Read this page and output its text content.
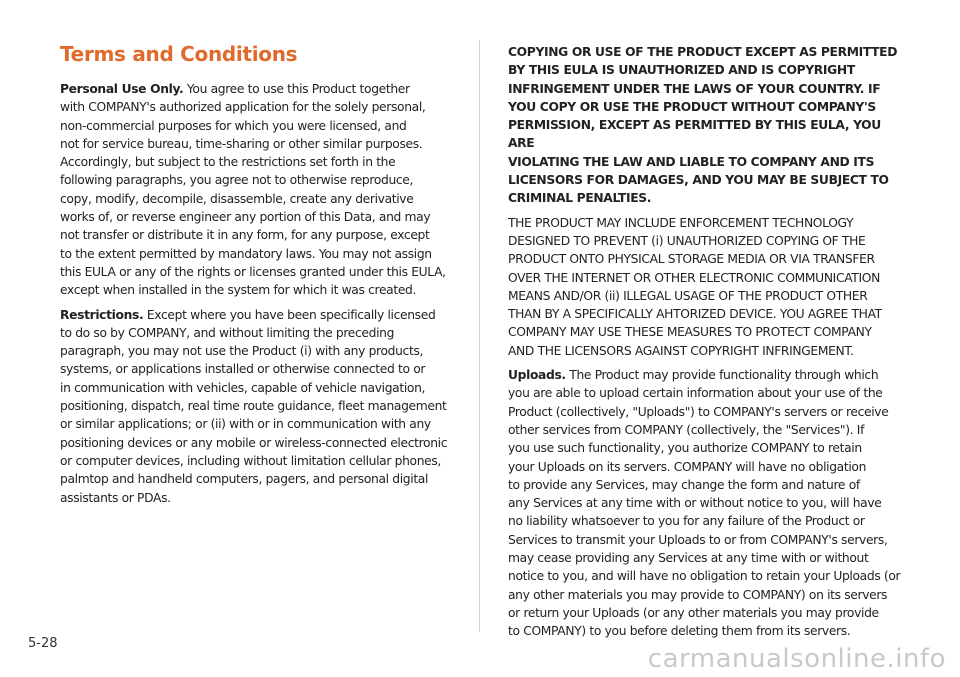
Terms and Conditions

Personal Use Only. You agree to use this Product together
with COMPANY's authorized application for the solely personal,
non-commercial purposes for which you were licensed, and
not for service bureau, time-sharing or other similar purposes.
Accordingly, but subject to the restrictions set forth in the
following paragraphs, you agree not to otherwise reproduce,
copy, modify, decompile, disassemble, create any derivative
works of, or reverse engineer any portion of this Data, and may
not transfer or distribute it in any form, for any purpose, except
to the extent permitted by mandatory laws. You may not assign
this EULA or any of the rights or licenses granted under this EULA,
except when installed in the system for which it was created.

Restrictions. Except where you have been specifically licensed
to do so by COMPANY, and without limiting the preceding
paragraph, you may not use the Product (i) with any products,
systems, or applications installed or otherwise connected to or
in communication with vehicles, capable of vehicle navigation,
positioning, dispatch, real time route guidance, fleet management
or similar applications; or (ii) with or in communication with any
positioning devices or any mobile or wireless-connected electronic
or computer devices, including without limitation cellular phones,
palmtop and handheld computers, pagers, and personal digital
assistants or PDAs.

COPYING OR USE OF THE PRODUCT EXCEPT AS PERMITTED
BY THIS EULA IS UNAUTHORIZED AND IS COPYRIGHT
INFRINGEMENT UNDER THE LAWS OF YOUR COUNTRY. IF
YOU COPY OR USE THE PRODUCT WITHOUT COMPANY'S
PERMISSION, EXCEPT AS PERMITTED BY THIS EULA, YOU ARE
VIOLATING THE LAW AND LIABLE TO COMPANY AND ITS
LICENSORS FOR DAMAGES, AND YOU MAY BE SUBJECT TO
CRIMINAL PENALTIES.

THE PRODUCT MAY INCLUDE ENFORCEMENT TECHNOLOGY
DESIGNED TO PREVENT (i) UNAUTHORIZED COPYING OF THE
PRODUCT ONTO PHYSICAL STORAGE MEDIA OR VIA TRANSFER
OVER THE INTERNET OR OTHER ELECTRONIC COMMUNICATION
MEANS AND/OR (ii) ILLEGAL USAGE OF THE PRODUCT OTHER
THAN BY A SPECIFICALLY AHTORIZED DEVICE. YOU AGREE THAT
COMPANY MAY USE THESE MEASURES TO PROTECT COMPANY
AND THE LICENSORS AGAINST COPYRIGHT INFRINGEMENT.

Uploads. The Product may provide functionality through which
you are able to upload certain information about your use of the
Product (collectively, "Uploads") to COMPANY's servers or receive
other services from COMPANY (collectively, the "Services"). If
you use such functionality, you authorize COMPANY to retain
your Uploads on its servers. COMPANY will have no obligation
to provide any Services, may change the form and nature of
any Services at any time with or without notice to you, will have
no liability whatsoever to you for any failure of the Product or
Services to transmit your Uploads to or from COMPANY's servers,
may cease providing any Services at any time with or without
notice to you, and will have no obligation to retain your Uploads (or
any other materials you may provide to COMPANY) on its servers
or return your Uploads (or any other materials you may provide
to COMPANY) to you before deleting them from its servers.

5-28
carmanualsonline.info
